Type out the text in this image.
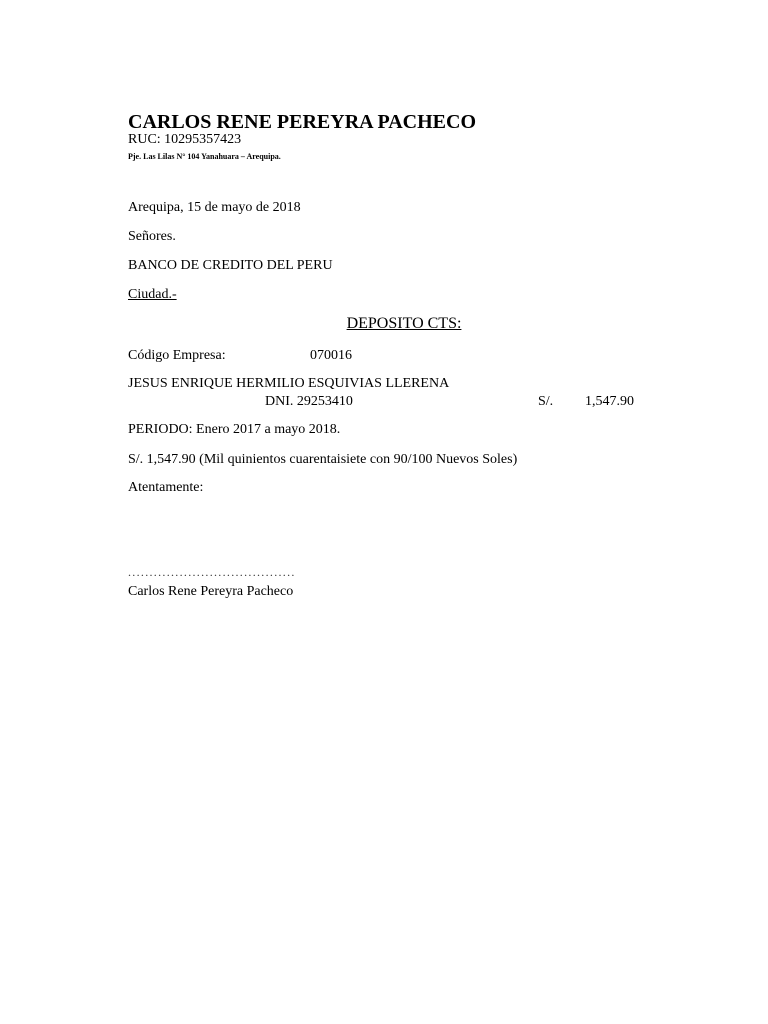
CARLOS RENE PEREYRA PACHECO
RUC: 10295357423
Pje. Las Lilas N° 104 Yanahuara – Arequipa.
Arequipa, 15 de mayo de 2018
Señores.
BANCO DE CREDITO DEL PERU
Ciudad.-
DEPOSITO CTS:
Código Empresa:	070016
JESUS ENRIQUE HERMILIO ESQUIVIAS LLERENA
DNI. 29253410	S/. 1,547.90
PERIODO: Enero 2017 a mayo 2018.
S/. 1,547.90 (Mil quinientos cuarentaisiete con 90/100 Nuevos Soles)
Atentamente:
.......................................
Carlos Rene Pereyra Pacheco
